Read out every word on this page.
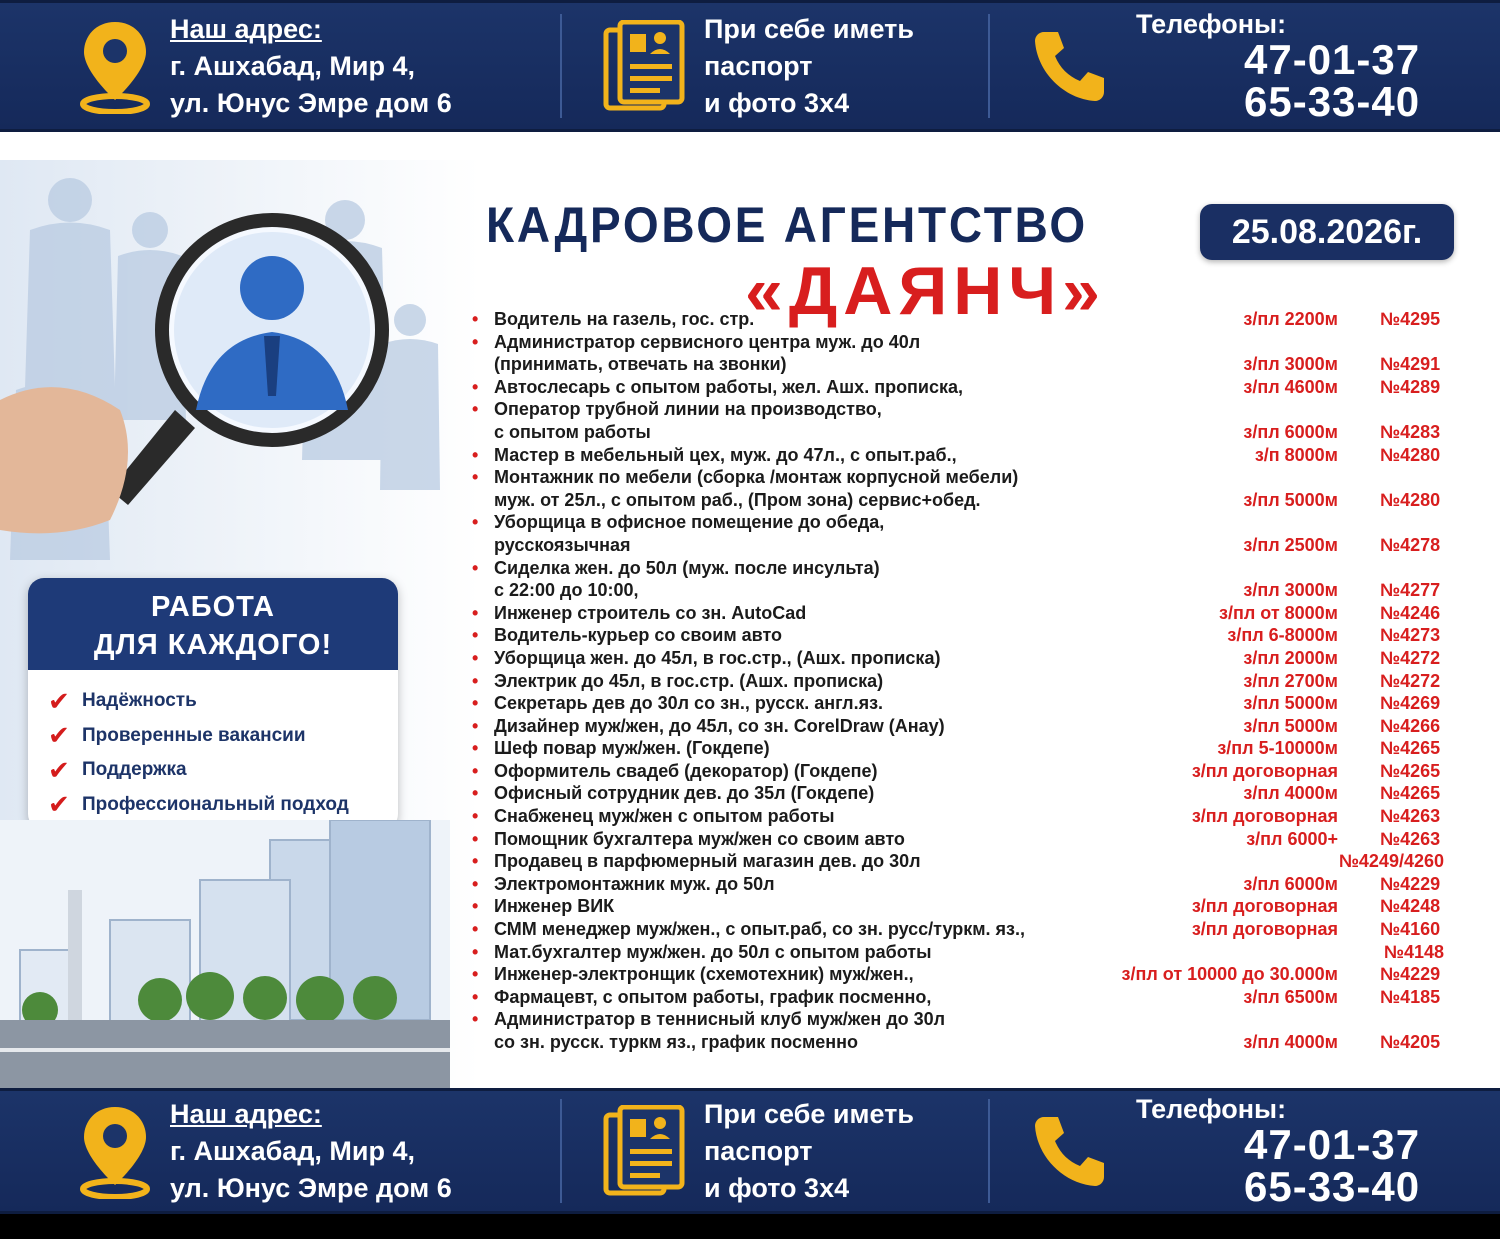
Наш адрес:
г. Ашхабад, Мир 4,
ул. Юнус Эмре дом 6
При себе иметь
паспорт
и фото 3х4
Телефоны:
47-01-37
65-33-40
РАБОТА
ДЛЯ КАЖДОГО!
✔ Надёжность
✔ Проверенные вакансии
✔ Поддержка
✔ Профессиональный подход
КАДРОВОЕ АГЕНТСТВО
«ДАЯНЧ»
25.08.2026г.
• Водитель на газель, гос. стр.	з/пл 2200м №4295
• Администратор сервисного центра муж. до 40л
(принимать, отвечать на звонки)	з/пл 3000м №4291
• Автослесарь с опытом работы, жел. Ашх. прописка,	з/пл 4600м №4289
• Оператор трубной линии на производство,
с опытом работы	з/пл 6000м №4283
• Мастер в мебельный цех, муж. до 47л., с опыт.раб.,	з/п 8000м №4280
• Монтажник по мебели (сборка /монтаж корпусной мебели)
муж. от 25л., с опытом раб., (Пром зона) сервис+обед.	з/пл 5000м №4280
• Уборщица в офисное помещение до обеда,
русскоязычная	з/пл 2500м №4278
• Сиделка жен. до 50л (муж. после инсульта)
с 22:00 до 10:00,	з/пл 3000м №4277
• Инженер строитель со зн. AutoCad	з/пл от 8000м №4246
• Водитель-курьер со своим авто	з/пл 6-8000м №4273
• Уборщица жен. до 45л, в гос.стр., (Ашх. прописка)	з/пл 2000м №4272
• Электрик до 45л, в гос.стр. (Ашх. прописка)	з/пл 2700м №4272
• Секретарь дев до 30л со зн., русск. англ.яз.	з/пл 5000м №4269
• Дизайнер муж/жен, до 45л, со зн. CorelDraw (Анау)	з/пл 5000м №4266
• Шеф повар муж/жен. (Гокдепе)	з/пл 5-10000м №4265
• Оформитель свадеб (декоратор) (Гокдепе)	з/пл договорная №4265
• Офисный сотрудник дев. до 35л (Гокдепе)	з/пл 4000м №4265
• Снабженец муж/жен с опытом работы	з/пл договорная №4263
• Помощник бухгалтера муж/жен со своим авто	з/пл 6000+ №4263
• Продавец в парфюмерный магазин дев. до 30л	№4249/4260
• Электромонтажник муж. до 50л	з/пл 6000м №4229
• Инженер ВИК	з/пл договорная №4248
• СММ менеджер муж/жен., с опыт.раб, со зн. русс/туркм. яз.,	з/пл договорная №4160
• Мат.бухгалтер муж/жен. до 50л с опытом работы	№4148
• Инженер-электронщик (схемотехник) муж/жен.,	з/пл от 10000 до 30.000м №4229
• Фармацевт, с опытом работы, график посменно,	з/пл 6500м №4185
• Администратор в теннисный клуб муж/жен до 30л
со зн. русск. туркм яз., график посменно	з/пл 4000м №4205
Наш адрес:
г. Ашхабад, Мир 4,
ул. Юнус Эмре дом 6
При себе иметь
паспорт
и фото 3х4
Телефоны:
47-01-37
65-33-40
